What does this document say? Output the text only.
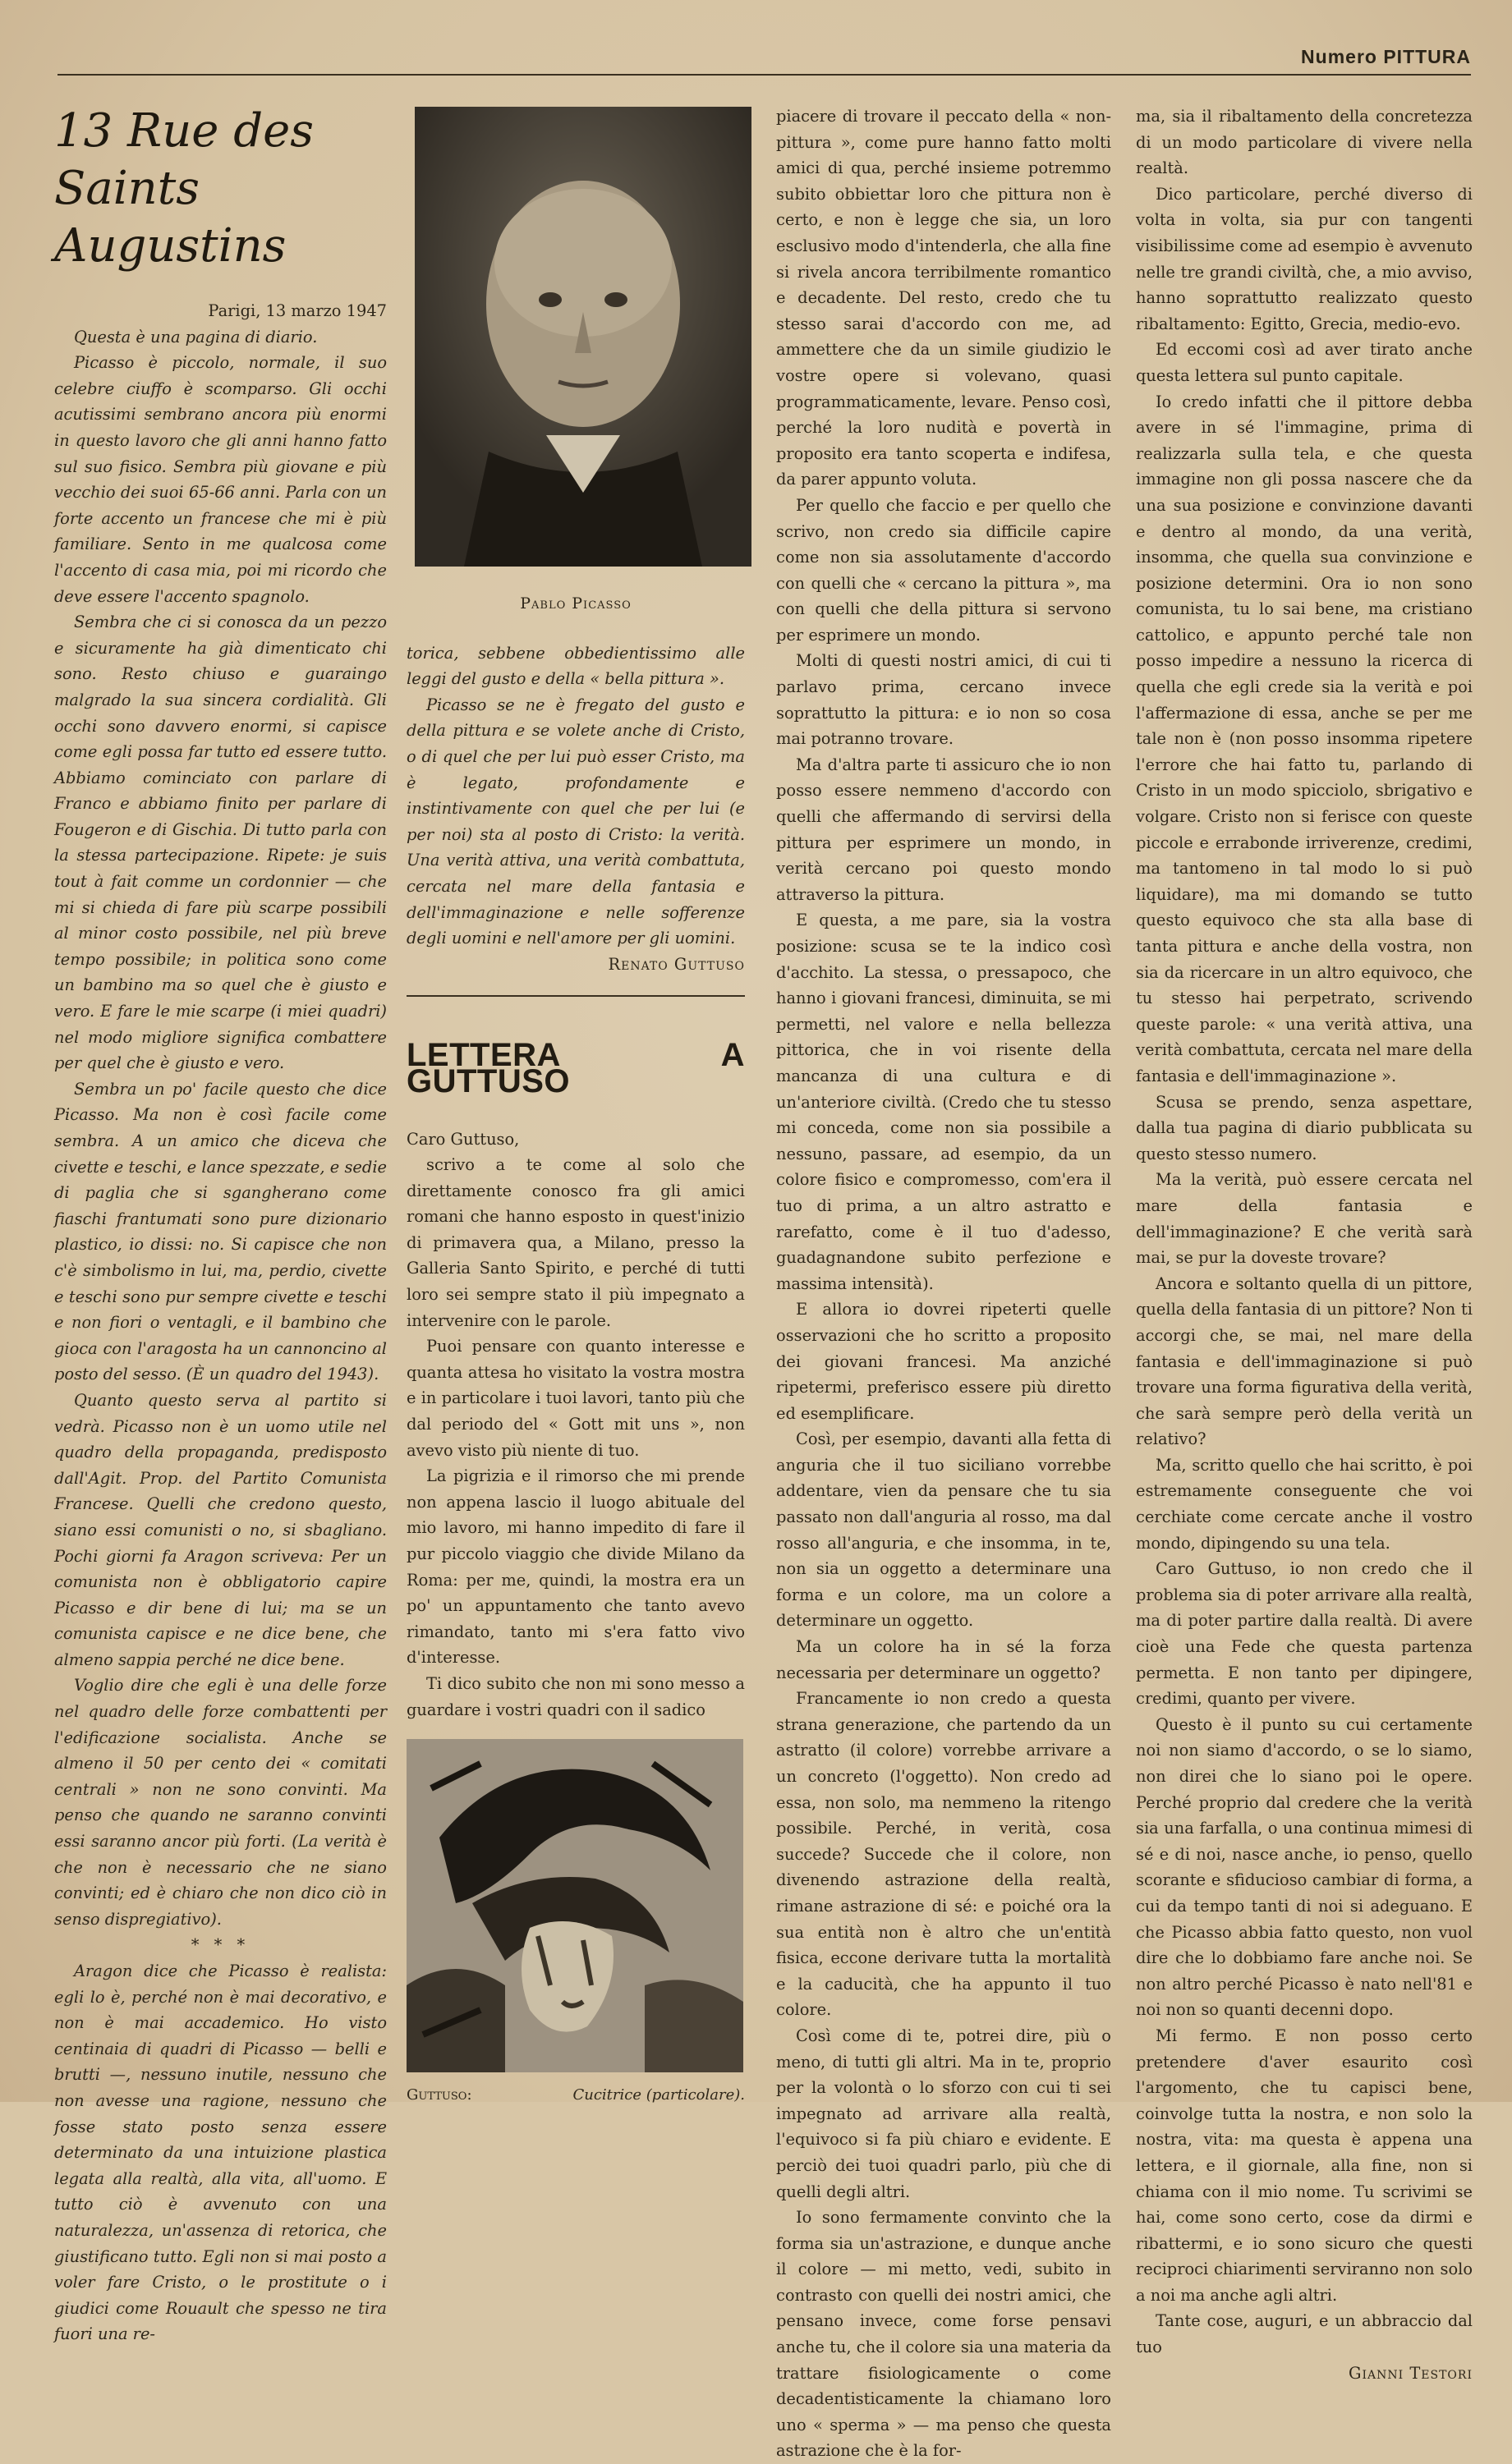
Numero PITTURA
13 Rue des
Saints Augustins

Parigi, 13 marzo 1947

Questa è una pagina di diario.

Picasso è piccolo, normale, il suo celebre ciuffo è scomparso. Gli occhi acutissimi sembrano ancora più enormi in questo lavoro che gli anni hanno fatto sul suo fisico. Sembra più giovane e più vecchio dei suoi 65-66 anni. Parla con un forte accento un francese che mi è più familiare. Sento in me qualcosa come l'accento di casa mia, poi mi ricordo che deve essere l'accento spagnolo.

Sembra che ci si conosca da un pezzo e sicuramente ha già dimenticato chi sono. Resto chiuso e guaraingo malgrado la sua sincera cordialità. Gli occhi sono davvero enormi, si capisce come egli possa far tutto ed essere tutto. Abbiamo cominciato con parlare di Franco e abbiamo finito per parlare di Fougeron e di Gischia. Di tutto parla con la stessa partecipazione. Ripete: je suis tout à fait comme un cordonnier — che mi si chieda di fare più scarpe possibili al minor costo possibile, nel più breve tempo possibile; in politica sono come un bambino ma so quel che è giusto e vero. E fare le mie scarpe (i miei quadri) nel modo migliore significa combattere per quel che è giusto e vero.

Sembra un po' facile questo che dice Picasso. Ma non è così facile come sembra. A un amico che diceva che civette e teschi, e lance spezzate, e sedie di paglia che si sgangherano come fiaschi frantumati sono pure dizionario plastico, io dissi: no. Si capisce che non c'è simbolismo in lui, ma, perdio, civette e teschi sono pur sempre civette e teschi e non fiori o ventagli, e il bambino che gioca con l'aragosta ha un cannoncino al posto del sesso. (È un quadro del 1943).

Quanto questo serva al partito si vedrà. Picasso non è un uomo utile nel quadro della propaganda, predisposto dall'Agit. Prop. del Partito Comunista Francese. Quelli che credono questo, siano essi comunisti o no, si sbagliano. Pochi giorni fa Aragon scriveva: Per un comunista non è obbligatorio capire Picasso e dir bene di lui; ma se un comunista capisce e ne dice bene, che almeno sappia perché ne dice bene.

Voglio dire che egli è una delle forze nel quadro delle forze combattenti per l'edificazione socialista. Anche se almeno il 50 per cento dei « comitati centrali » non ne sono convinti. Ma penso che quando ne saranno convinti essi saranno ancor più forti. (La verità è che non è necessario che ne siano convinti; ed è chiaro che non dico ciò in senso dispregiativo).

* * *

Aragon dice che Picasso è realista: egli lo è, perché non è mai decorativo, e non è mai accademico. Ho visto centinaia di quadri di Picasso — belli e brutti —, nessuno inutile, nessuno che non avesse una ragione, nessuno che fosse stato posto senza essere determinato da una intuizione plastica legata alla realtà, alla vita, all'uomo. E tutto ciò è avvenuto con una naturalezza, un'assenza di retorica, che giustificano tutto. Egli non si mai posto a voler fare Cristo, o le prostitute o i giudici come Rouault che spesso ne tira fuori una re-

Pablo Picasso

torica, sebbene obbedientissimo alle leggi del gusto e della « bella pittura ».

Picasso se ne è fregato del gusto e della pittura e se volete anche di Cristo, o di quel che per lui può esser Cristo, ma è legato, profondamente e instintivamente con quel che per lui (e per noi) sta al posto di Cristo: la verità. Una verità attiva, una verità combattuta, cercata nel mare della fantasia e dell'immaginazione e nelle sofferenze degli uomini e nell'amore per gli uomini.

Renato Guttuso

LETTERA A GUTTUSO

Caro Guttuso,

scrivo a te come al solo che direttamente conosco fra gli amici romani che hanno esposto in quest'inizio di primavera qua, a Milano, presso la Galleria Santo Spirito, e perché di tutti loro sei sempre stato il più impegnato a intervenire con le parole.

Puoi pensare con quanto interesse e quanta attesa ho visitato la vostra mostra e in particolare i tuoi lavori, tanto più che dal periodo del « Gott mit uns », non avevo visto più niente di tuo.

La pigrizia e il rimorso che mi prende non appena lascio il luogo abituale del mio lavoro, mi hanno impedito di fare il pur piccolo viaggio che divide Milano da Roma: per me, quindi, la mostra era un po' un appuntamento che tanto avevo rimandato, tanto mi s'era fatto vivo d'interesse.

Ti dico subito che non mi sono messo a guardare i vostri quadri con il sadico

Guttuso:	Cucitrice (particolare).

piacere di trovare il peccato della « non-pittura », come pure hanno fatto molti amici di qua, perché insieme potremmo subito obbiettar loro che pittura non è certo, e non è legge che sia, un loro esclusivo modo d'intenderla, che alla fine si rivela ancora terribilmente romantico e decadente. Del resto, credo che tu stesso sarai d'accordo con me, ad ammettere che da un simile giudizio le vostre opere si volevano, quasi programmaticamente, levare. Penso così, perché la loro nudità e povertà in proposito era tanto scoperta e indifesa, da parer appunto voluta.

Per quello che faccio e per quello che scrivo, non credo sia difficile capire come non sia assolutamente d'accordo con quelli che « cercano la pittura », ma con quelli che della pittura si servono per esprimere un mondo.

Molti di questi nostri amici, di cui ti parlavo prima, cercano invece soprattutto la pittura: e io non so cosa mai potranno trovare.

Ma d'altra parte ti assicuro che io non posso essere nemmeno d'accordo con quelli che affermando di servirsi della pittura per esprimere un mondo, in verità cercano poi questo mondo attraverso la pittura.

E questa, a me pare, sia la vostra posizione: scusa se te la indico così d'acchito. La stessa, o pressapoco, che hanno i giovani francesi, diminuita, se mi permetti, nel valore e nella bellezza pittorica, che in voi risente della mancanza di una cultura e di un'anteriore civiltà. (Credo che tu stesso mi conceda, come non sia possibile a nessuno, passare, ad esempio, da un colore fisico e compromesso, com'era il tuo di prima, a un altro astratto e rarefatto, come è il tuo d'adesso, guadagnandone subito perfezione e massima intensità).

E allora io dovrei ripeterti quelle osservazioni che ho scritto a proposito dei giovani francesi. Ma anziché ripetermi, preferisco essere più diretto ed esemplificare.

Così, per esempio, davanti alla fetta di anguria che il tuo siciliano vorrebbe addentare, vien da pensare che tu sia passato non dall'anguria al rosso, ma dal rosso all'anguria, e che insomma, in te, non sia un oggetto a determinare una forma e un colore, ma un colore a determinare un oggetto.

Ma un colore ha in sé la forza necessaria per determinare un oggetto?

Francamente io non credo a questa strana generazione, che partendo da un astratto (il colore) vorrebbe arrivare a un concreto (l'oggetto). Non credo ad essa, non solo, ma nemmeno la ritengo possibile. Perché, in verità, cosa succede? Succede che il colore, non divenendo astrazione della realtà, rimane astrazione di sé: e poiché ora la sua entità non è altro che un'entità fisica, eccone derivare tutta la mortalità e la caducità, che ha appunto il tuo colore.

Così come di te, potrei dire, più o meno, di tutti gli altri. Ma in te, proprio per la volontà o lo sforzo con cui ti sei impegnato ad arrivare alla realtà, l'equivoco si fa più chiaro e evidente. E perciò dei tuoi quadri parlo, più che di quelli degli altri.

Io sono fermamente convinto che la forma sia un'astrazione, e dunque anche il colore — mi metto, vedi, subito in contrasto con quelli dei nostri amici, che pensano invece, come forse pensavi anche tu, che il colore sia una materia da trattare fisiologicamente o come decadentisticamente la chiamano loro uno « sperma » — ma penso che questa astrazione che è la for-

ma, sia il ribaltamento della concretezza di un modo particolare di vivere nella realtà.

Dico particolare, perché diverso di volta in volta, sia pur con tangenti visibilissime come ad esempio è avvenuto nelle tre grandi civiltà, che, a mio avviso, hanno soprattutto realizzato questo ribaltamento: Egitto, Grecia, medio-evo.

Ed eccomi così ad aver tirato anche questa lettera sul punto capitale.

Io credo infatti che il pittore debba avere in sé l'immagine, prima di realizzarla sulla tela, e che questa immagine non gli possa nascere che da una sua posizione e convinzione davanti e dentro al mondo, da una verità, insomma, che quella sua convinzione e posizione determini. Ora io non sono comunista, tu lo sai bene, ma cristiano cattolico, e appunto perché tale non posso impedire a nessuno la ricerca di quella che egli crede sia la verità e poi l'affermazione di essa, anche se per me tale non è (non posso insomma ripetere l'errore che hai fatto tu, parlando di Cristo in un modo spicciolo, sbrigativo e volgare. Cristo non si ferisce con queste piccole e errabonde irriverenze, credimi, ma tantomeno in tal modo lo si può liquidare), ma mi domando se tutto questo equivoco che sta alla base di tanta pittura e anche della vostra, non sia da ricercare in un altro equivoco, che tu stesso hai perpetrato, scrivendo queste parole: « una verità attiva, una verità combattuta, cercata nel mare della fantasia e dell'immaginazione ».

Scusa se prendo, senza aspettare, dalla tua pagina di diario pubblicata su questo stesso numero.

Ma la verità, può essere cercata nel mare della fantasia e dell'immaginazione? E che verità sarà mai, se pur la doveste trovare?

Ancora e soltanto quella di un pittore, quella della fantasia di un pittore? Non ti accorgi che, se mai, nel mare della fantasia e dell'immaginazione si può trovare una forma figurativa della verità, che sarà sempre però della verità un relativo?

Ma, scritto quello che hai scritto, è poi estremamente conseguente che voi cerchiate come cercate anche il vostro mondo, dipingendo su una tela.

Caro Guttuso, io non credo che il problema sia di poter arrivare alla realtà, ma di poter partire dalla realtà. Di avere cioè una Fede che questa partenza permetta. E non tanto per dipingere, credimi, quanto per vivere.

Questo è il punto su cui certamente noi non siamo d'accordo, o se lo siamo, non direi che lo siano poi le opere. Perché proprio dal credere che la verità sia una farfalla, o una continua mimesi di sé e di noi, nasce anche, io penso, quello scorante e sfiducioso cambiar di forma, a cui da tempo tanti di noi si adeguano. E che Picasso abbia fatto questo, non vuol dire che lo dobbiamo fare anche noi. Se non altro perché Picasso è nato nell'81 e noi non so quanti decenni dopo.

Mi fermo. E non posso certo pretendere d'aver esaurito così l'argomento, che tu capisci bene, coinvolge tutta la nostra, e non solo la nostra, vita: ma questa è appena una lettera, e il giornale, alla fine, non si chiama con il mio nome. Tu scrivimi se hai, come sono certo, cose da dirmi e ribattermi, e io sono sicuro che questi reciproci chiarimenti serviranno non solo a noi ma anche agli altri.

Tante cose, auguri, e un abbraccio dal tuo

Gianni Testori
